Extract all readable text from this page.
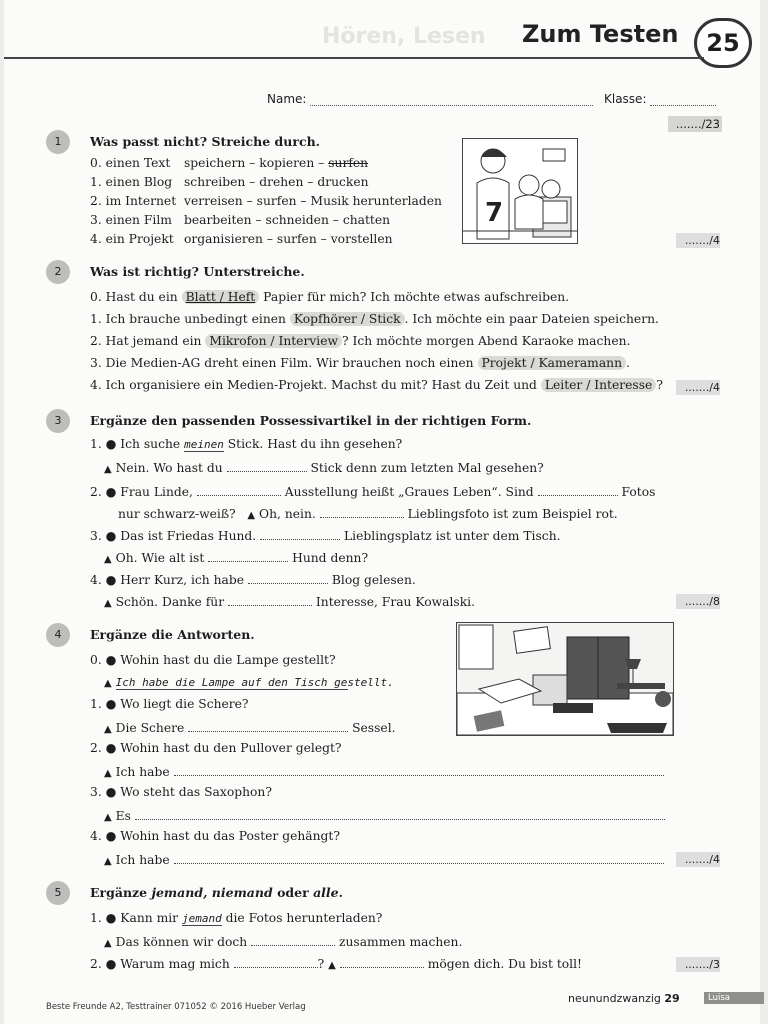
Hören, Lesen Zum Testen	25
Name:	Klasse:
......./23
1	Was passt nicht? Streiche durch.
0. einen Text speichern – kopieren – surfen
1. einen Blog schreiben – drehen – drucken
2. im Internet verreisen – surfen – Musik herunterladen
3. einen Film bearbeiten – schneiden – chatten
4. ein Projekt organisieren – surfen – vorstellen
7
......./4
2	Was ist richtig? Unterstreiche.
0. Hast du ein Blatt / Heft Papier für mich? Ich möchte etwas aufschreiben.
1. Ich brauche unbedingt einen Kopfhörer / Stick . Ich möchte ein paar Dateien speichern.
2. Hat jemand ein Mikrofon / Interview ? Ich möchte morgen Abend Karaoke machen.
3. Die Medien-AG dreht einen Film. Wir brauchen noch einen Projekt / Kameramann .
4. Ich organisiere ein Medien-Projekt. Machst du mit? Hast du Zeit und Leiter / Interesse ?	......./4
3	Ergänze den passenden Possessivartikel in der richtigen Form.
1. ● Ich suche meinen Stick. Hast du ihn gesehen?
▲ Nein. Wo hast du	Stick denn zum letzten Mal gesehen?
2. ● Frau Linde,	Ausstellung heißt „Graues Leben“. Sind	Fotos
nur schwarz-weiß? ▲ Oh, nein.	Lieblingsfoto ist zum Beispiel rot.
3. ● Das ist Friedas Hund.	Lieblingsplatz ist unter dem Tisch.
▲ Oh. Wie alt ist	Hund denn?
4. ● Herr Kurz, ich habe	Blog gelesen.
▲ Schön. Danke für	Interesse, Frau Kowalski.	......./8
4	Ergänze die Antworten.
0. ● Wohin hast du die Lampe gestellt?
▲ Ich habe die Lampe auf den Tisch gestellt.
1. ● Wo liegt die Schere?
▲ Die Schere	Sessel.
2. ● Wohin hast du den Pullover gelegt?
▲ Ich habe
3. ● Wo steht das Saxophon?
▲ Es
4. ● Wohin hast du das Poster gehängt?
▲ Ich habe	......./4
5	Ergänze jemand, niemand oder alle.
1. ● Kann mir jemand die Fotos herunterladen?
▲ Das können wir doch	zusammen machen.
2. ● Warum mag mich	? ▲	mögen dich. Du bist toll!	......./3
Beste Freunde A2, Testtrainer 071052 © 2016 Hueber Verlag
neunundzwanzig 29	Luisa
